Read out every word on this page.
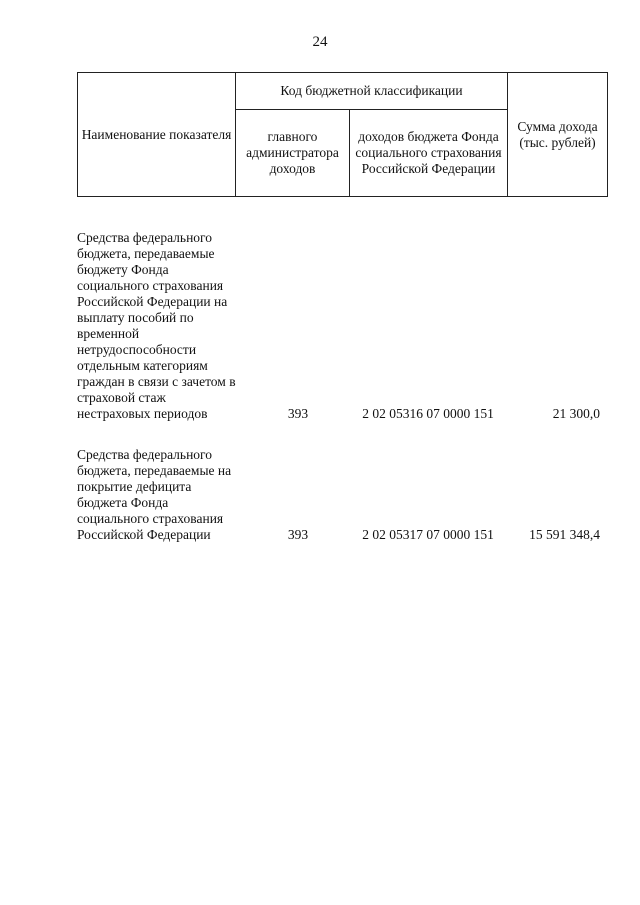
24
Наименование показателя	Код бюджетной классификации		Сумма дохода (тыс. рублей)
	главного администратора доходов	доходов бюджета Фонда социального страхования Российской Федерации	
Средства федерального бюджета, передаваемые бюджету Фонда социального страхования Российской Федерации на выплату пособий по временной нетрудоспособности отдельным категориям граждан в связи с зачетом в страховой стаж нестраховых периодов	393	2 02 05316 07 0000 151	21 300,0
Средства федерального бюджета, передаваемые на покрытие дефицита бюджета Фонда социального страхования Российской Федерации	393	2 02 05317 07 0000 151	15 591 348,4
